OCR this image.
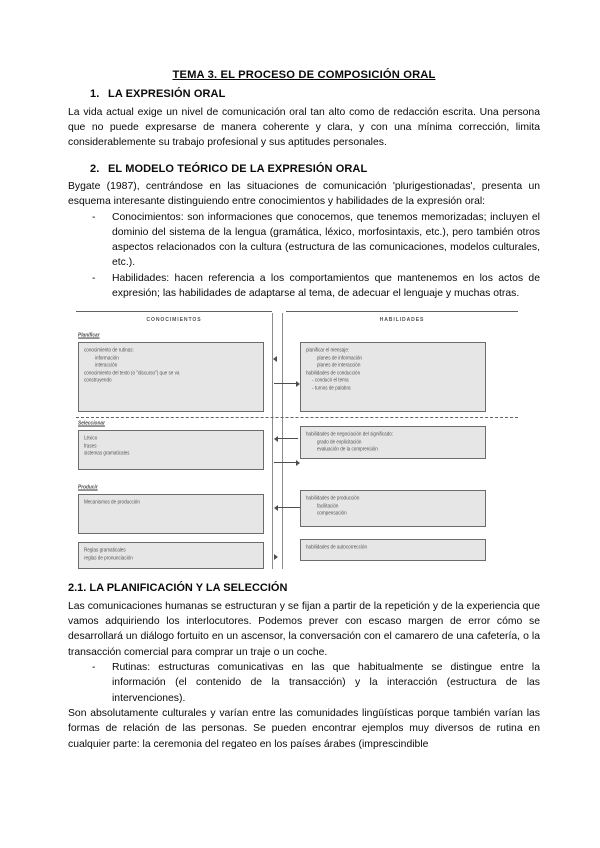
TEMA 3. EL PROCESO DE COMPOSICIÓN ORAL
1. LA EXPRESIÓN ORAL

La vida actual exige un nivel de comunicación oral tan alto como de redacción escrita. Una persona que no puede expresarse de manera coherente y clara, y con una mínima corrección, limita considerablemente su trabajo profesional y sus aptitudes personales.

2. EL MODELO TEÓRICO DE LA EXPRESIÓN ORAL

Bygate (1987), centrándose en las situaciones de comunicación 'plurigestionadas', presenta un esquema interesante distinguiendo entre conocimientos y habilidades de la expresión oral:

- Conocimientos: son informaciones que conocemos, que tenemos memorizadas; incluyen el dominio del sistema de la lengua (gramática, léxico, morfosintaxis, etc.), pero también otros aspectos relacionados con la cultura (estructura de las comunicaciones, modelos culturales, etc.).
- Habilidades: hacen referencia a los comportamientos que mantenemos en los actos de expresión; las habilidades de adaptarse al tema, de adecuar el lenguaje y muchas otras.
CONOCIMIENTOS	HABILIDADES
Planificar
Seleccionar
Producir
conocimiento de rutinas:
información
interacción
conocimiento del texto (o "discurso") que se va
construyendo
Léxico
frases
sistemas gramaticales
Mecanismos de producción
Reglas gramaticales
reglas de pronunciación
planificar el mensaje:
planes de información
planes de interacción
habilidades de conducción
- conducir el tema
- turnos de palabra
habilidades de negociación del significado:
grado de explicitación
evaluación de la comprensión
habilidades de producción
facilitación
compensación
habilidades de autocorrección
2.1. LA PLANIFICACIÓN Y LA SELECCIÓN

Las comunicaciones humanas se estructuran y se fijan a partir de la repetición y de la experiencia que vamos adquiriendo los interlocutores. Podemos prever con escaso margen de error cómo se desarrollará un diálogo fortuito en un ascensor, la conversación con el camarero de una cafetería, o la transacción comercial para comprar un traje o un coche.

- Rutinas: estructuras comunicativas en las que habitualmente se distingue entre la información (el contenido de la transacción) y la interacción (estructura de las intervenciones).

Son absolutamente culturales y varían entre las comunidades lingüísticas porque también varían las formas de relación de las personas. Se pueden encontrar ejemplos muy diversos de rutina en cualquier parte: la ceremonia del regateo en los países árabes (imprescindible
